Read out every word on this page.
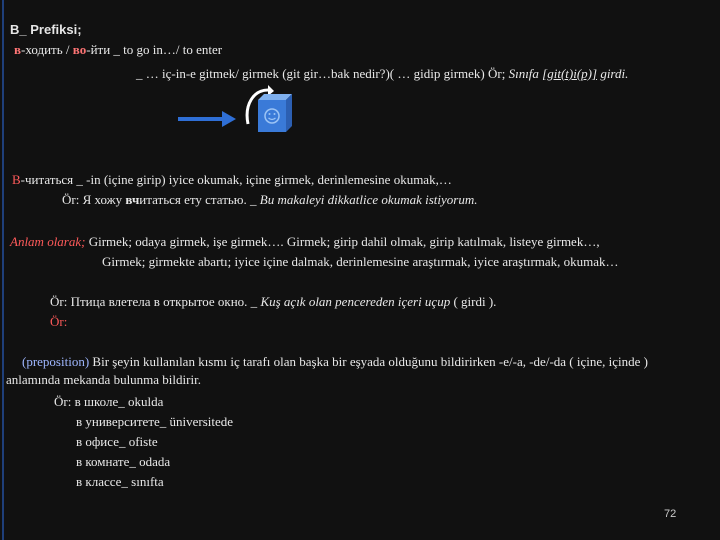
B_ Prefiksi;
в-ходить / во-йти _ to go in…/ to enter
_ … iç-in-e gitmek/ girmek (git gir…bak nedir?)( … gidip girmek) Ör; Sınıfa [git(t)i(p)] girdi.
В-читаться _ -in (içine girip) iyice okumak, içine girmek, derinlemesine okumak,…
Ör: Я хожу вчитаться ету статью. _ Bu makaleyi dikkatlice okumak istiyorum.
Anlam olarak; Girmek; odaya girmek, işe girmek…. Girmek; girip dahil olmak, girip katılmak, listeye girmek…,
Girmek; girmekte abartı; iyice içine dalmak, derinlemesine araştırmak, iyice araştırmak, okumak…
Ör: Птица влетела в открытое окно. _ Kuş açık olan pencereden içeri uçup ( girdi ).
Ör:
(preposition) Bir şeyin kullanılan kısmı iç tarafı olan başka bir eşyada olduğunu bildirirken -e/-a, -de/-da ( içine, içinde )
anlamında mekanda bulunma bildirir.
Ör: в школе_ okulda
в университете_ üniversitede
в офисе_ ofiste
в комнате_ odada
в классе_ sınıfta
72
